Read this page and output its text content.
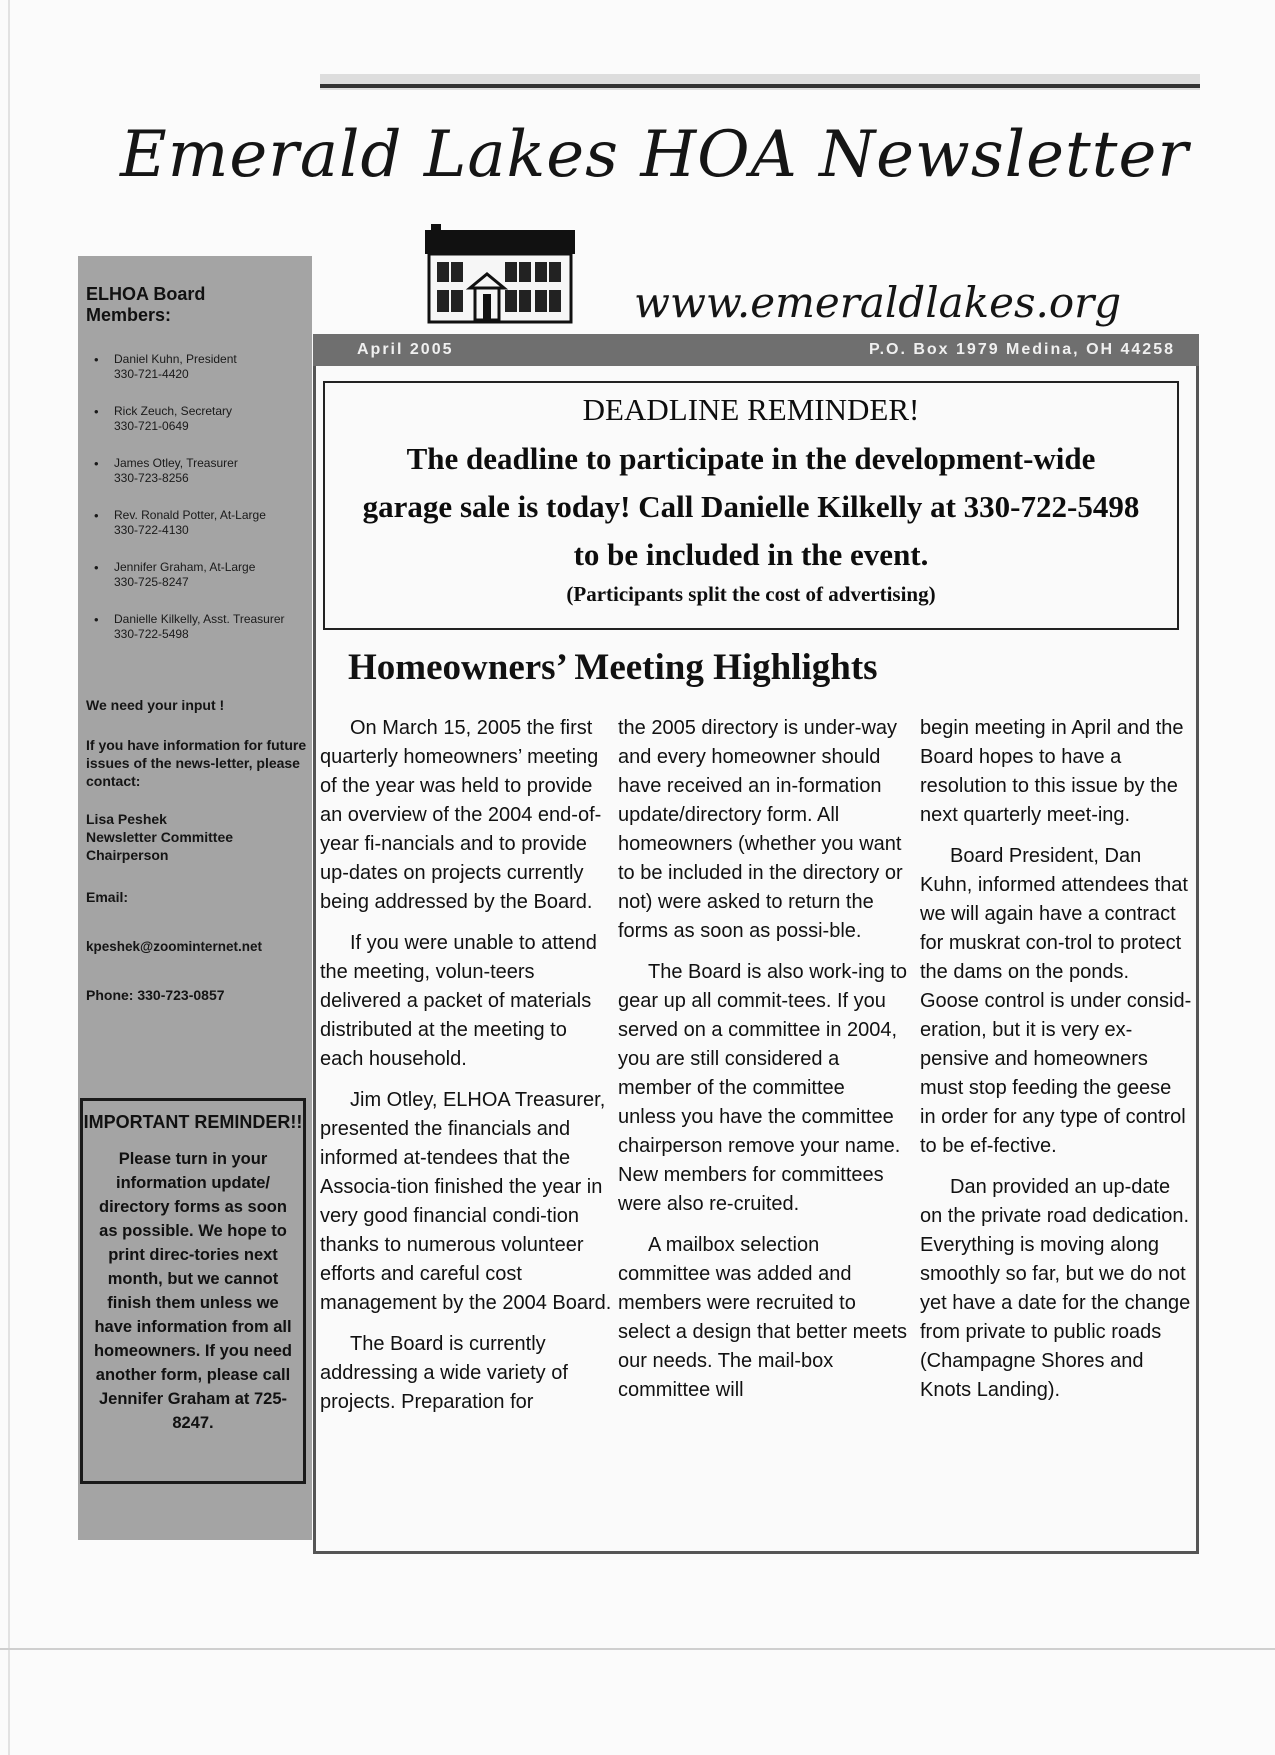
Emerald Lakes HOA Newsletter
www.emeraldlakes.org
ELHOA Board
Members:
• Daniel Kuhn, President
330-721-4420
• Rick Zeuch, Secretary
330-721-0649
• James Otley, Treasurer
330-723-8256
• Rev. Ronald Potter, At-Large
330-722-4130
• Jennifer Graham, At-Large
330-725-8247
• Danielle Kilkelly, Asst. Treasurer
330-722-5498
We need your input !
If you have information for future issues of the news-letter, please contact:
Lisa Peshek
Newsletter Committee Chairperson
Email:
kpeshek@zoominternet.net
Phone: 330-723-0857
IMPORTANT REMINDER!!
Please turn in your information update/ directory forms as soon as possible. We hope to print direc-tories next month, but we cannot finish them unless we have information from all homeowners. If you need another form, please call Jennifer Graham at 725-8247.
April 2005	P.O. Box 1979 Medina, OH 44258
DEADLINE REMINDER!
The deadline to participate in the development-wide garage sale is today! Call Danielle Kilkelly at 330-722-5498 to be included in the event.
(Participants split the cost of advertising)
Homeowners’ Meeting Highlights

On March 15, 2005 the first quarterly homeowners’ meeting of the year was held to provide an overview of the 2004 end-of-year fi-nancials and to provide up-dates on projects currently being addressed by the Board.

If you were unable to attend the meeting, volun-teers delivered a packet of materials distributed at the meeting to each household.

Jim Otley, ELHOA Treasurer, presented the financials and informed at-tendees that the Associa-tion finished the year in very good financial condi-tion thanks to numerous volunteer efforts and careful cost management by the 2004 Board.

The Board is currently addressing a wide variety of projects. Preparation for

the 2005 directory is under-way and every homeowner should have received an in-formation update/directory form. All homeowners (whether you want to be included in the directory or not) were asked to return the forms as soon as possi-ble.

The Board is also work-ing to gear up all commit-tees. If you served on a committee in 2004, you are still considered a member of the committee unless you have the committee chairperson remove your name. New members for committees were also re-cruited.

A mailbox selection committee was added and members were recruited to select a design that better meets our needs. The mail-box committee will

begin meeting in April and the Board hopes to have a resolution to this issue by the next quarterly meet-ing.

Board President, Dan Kuhn, informed attendees that we will again have a contract for muskrat con-trol to protect the dams on the ponds. Goose control is under consid-eration, but it is very ex-pensive and homeowners must stop feeding the geese in order for any type of control to be ef-fective.

Dan provided an up-date on the private road dedication. Everything is moving along smoothly so far, but we do not yet have a date for the change from private to public roads (Champagne Shores and Knots Landing).
